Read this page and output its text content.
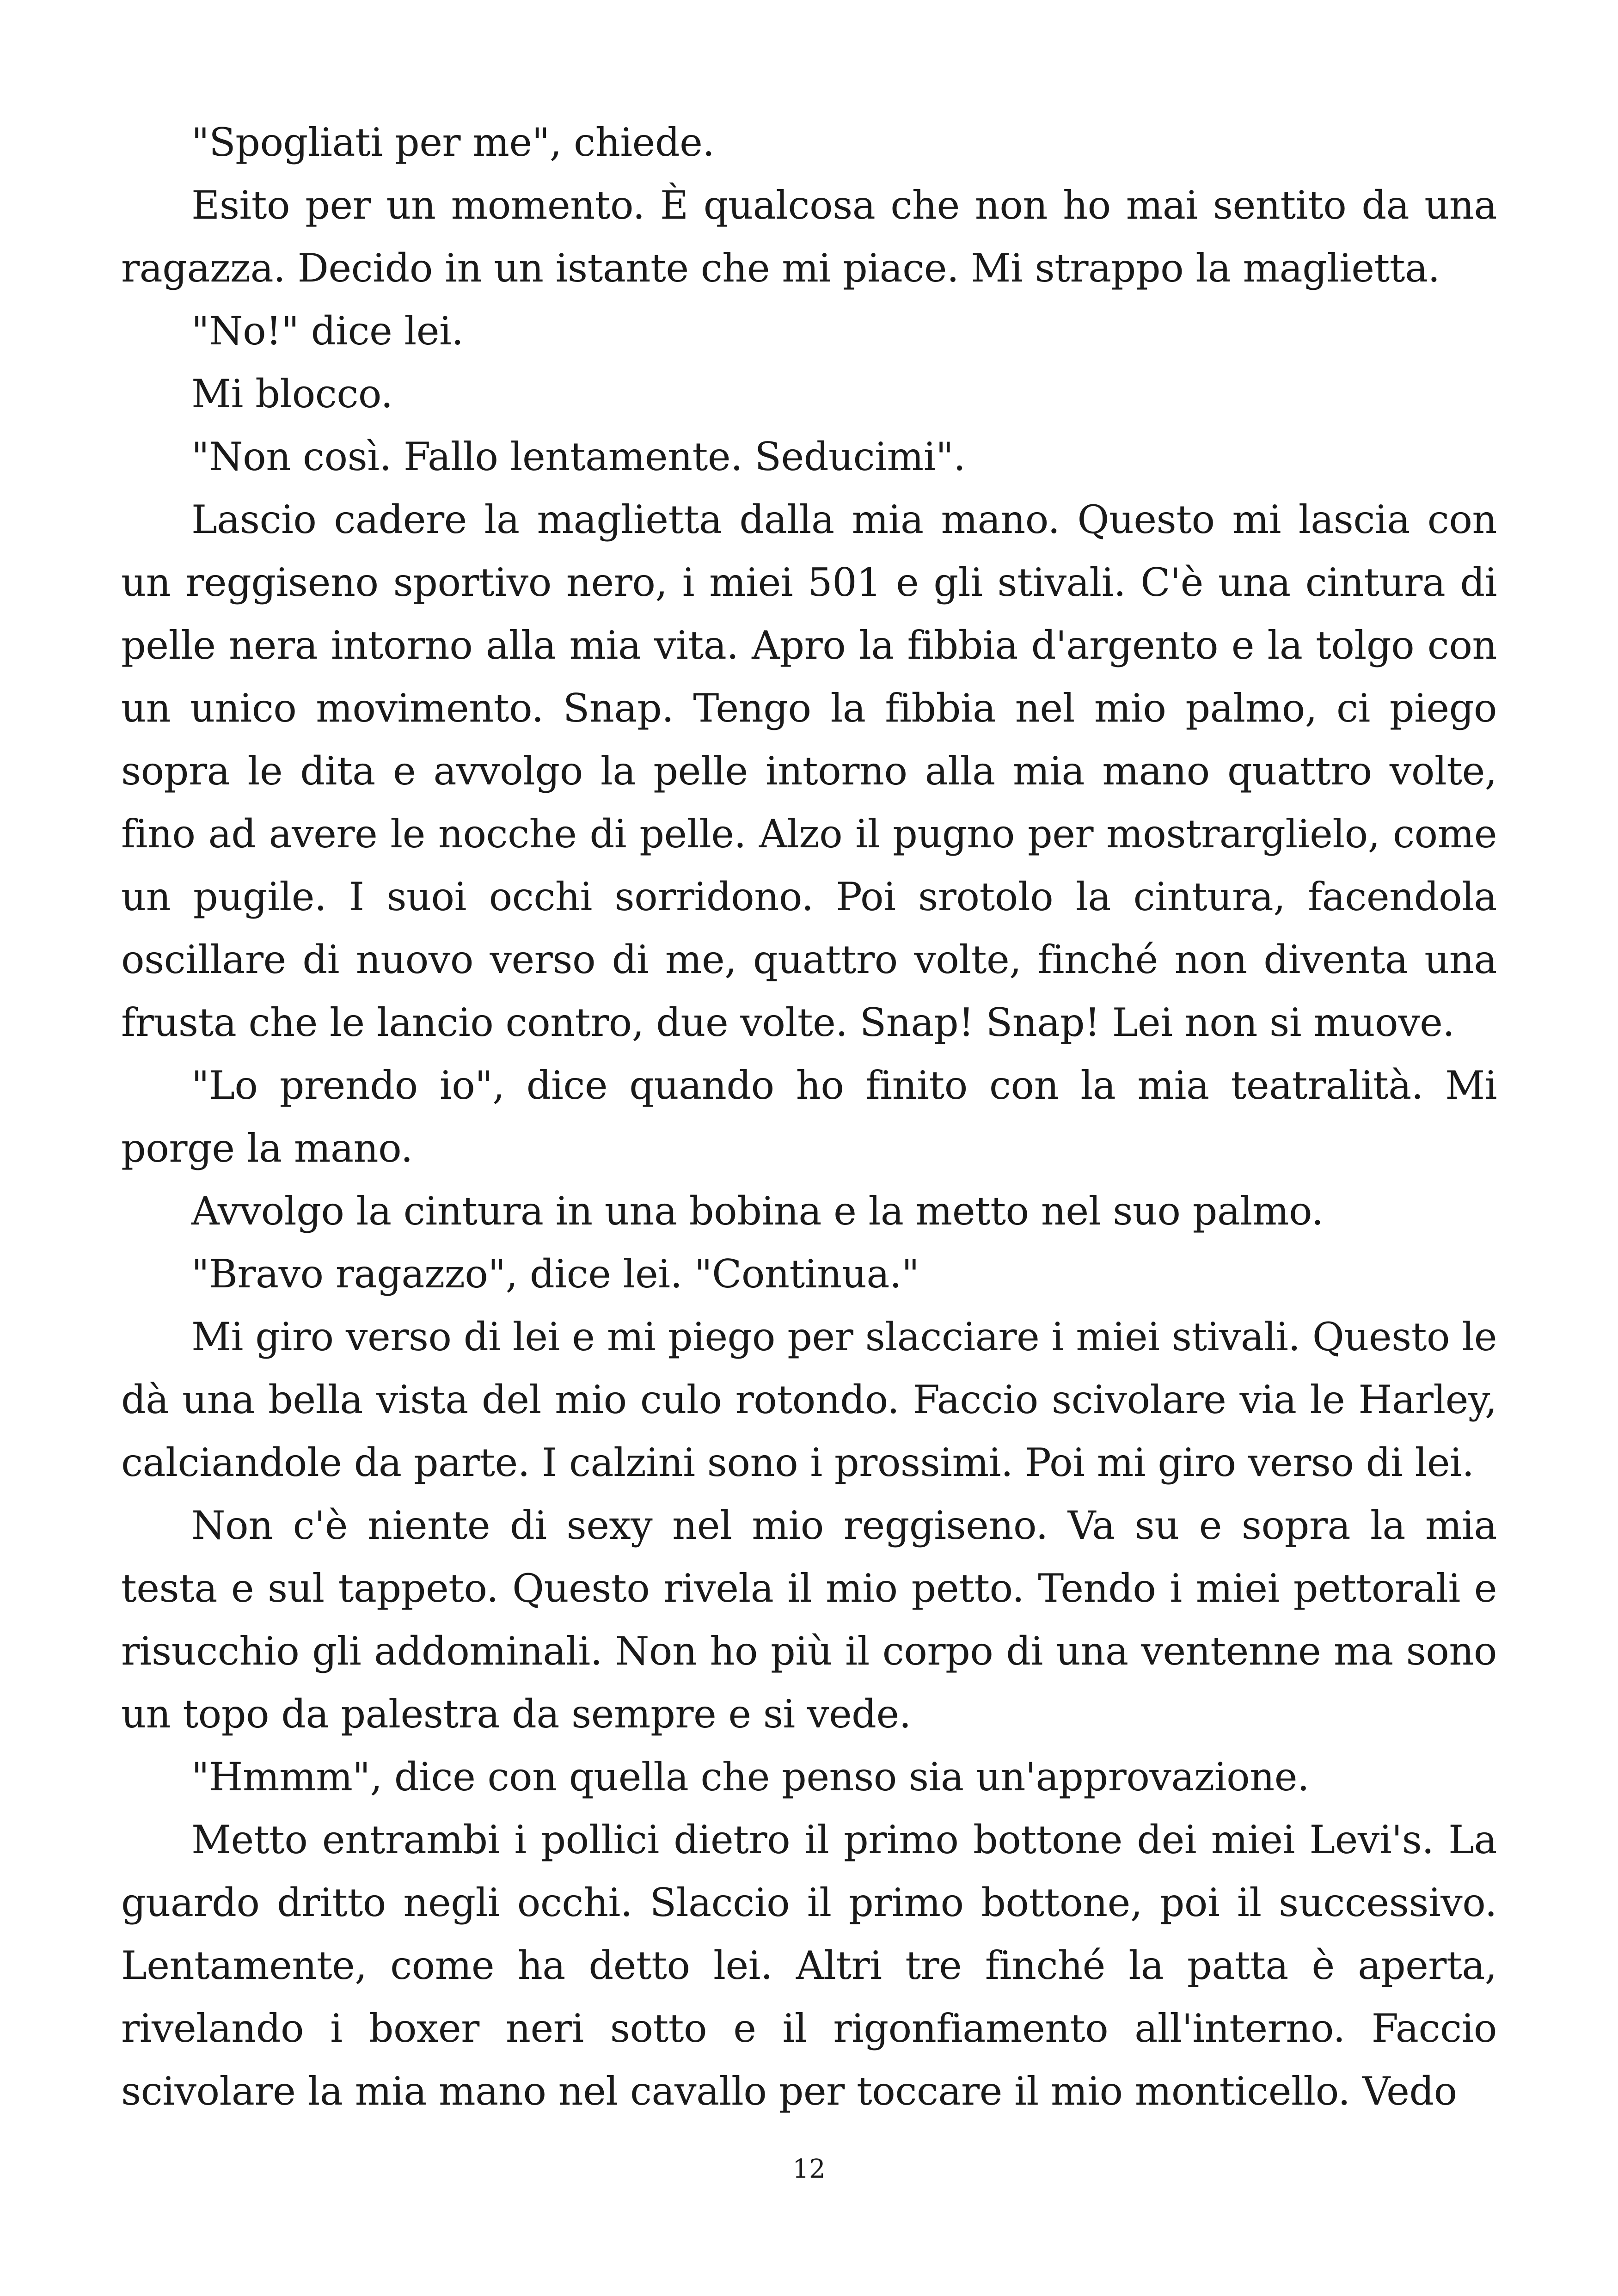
"Spogliati per me", chiede.

Esito per un momento. È qualcosa che non ho mai sentito da una ragazza. Decido in un istante che mi piace. Mi strappo la maglietta.

"No!" dice lei.

Mi blocco.

"Non così. Fallo lentamente. Seducimi".

Lascio cadere la maglietta dalla mia mano. Questo mi lascia con un reggiseno sportivo nero, i miei 501 e gli stivali. C'è una cintura di pelle nera intorno alla mia vita. Apro la fibbia d'argento e la tolgo con un unico movimento. Snap. Tengo la fibbia nel mio palmo, ci piego sopra le dita e avvolgo la pelle intorno alla mia mano quattro volte, fino ad avere le nocche di pelle. Alzo il pugno per mostrarglielo, come un pugile. I suoi occhi sorridono. Poi srotolo la cintura, facendola oscillare di nuovo verso di me, quattro volte, finché non diventa una frusta che le lancio contro, due volte. Snap! Snap! Lei non si muove.

"Lo prendo io", dice quando ho finito con la mia teatralità. Mi porge la mano.

Avvolgo la cintura in una bobina e la metto nel suo palmo.

"Bravo ragazzo", dice lei. "Continua."

Mi giro verso di lei e mi piego per slacciare i miei stivali. Questo le dà una bella vista del mio culo rotondo. Faccio scivolare via le Harley, calciandole da parte. I calzini sono i prossimi. Poi mi giro verso di lei.

Non c'è niente di sexy nel mio reggiseno. Va su e sopra la mia testa e sul tappeto. Questo rivela il mio petto. Tendo i miei pettorali e risucchio gli addominali. Non ho più il corpo di una ventenne ma sono un topo da palestra da sempre e si vede.

"Hmmm", dice con quella che penso sia un'approvazione.

Metto entrambi i pollici dietro il primo bottone dei miei Levi's. La guardo dritto negli occhi. Slaccio il primo bottone, poi il successivo. Lentamente, come ha detto lei. Altri tre finché la patta è aperta, rivelando i boxer neri sotto e il rigonfiamento all'interno. Faccio scivolare la mia mano nel cavallo per toccare il mio monticello. Vedo

12
